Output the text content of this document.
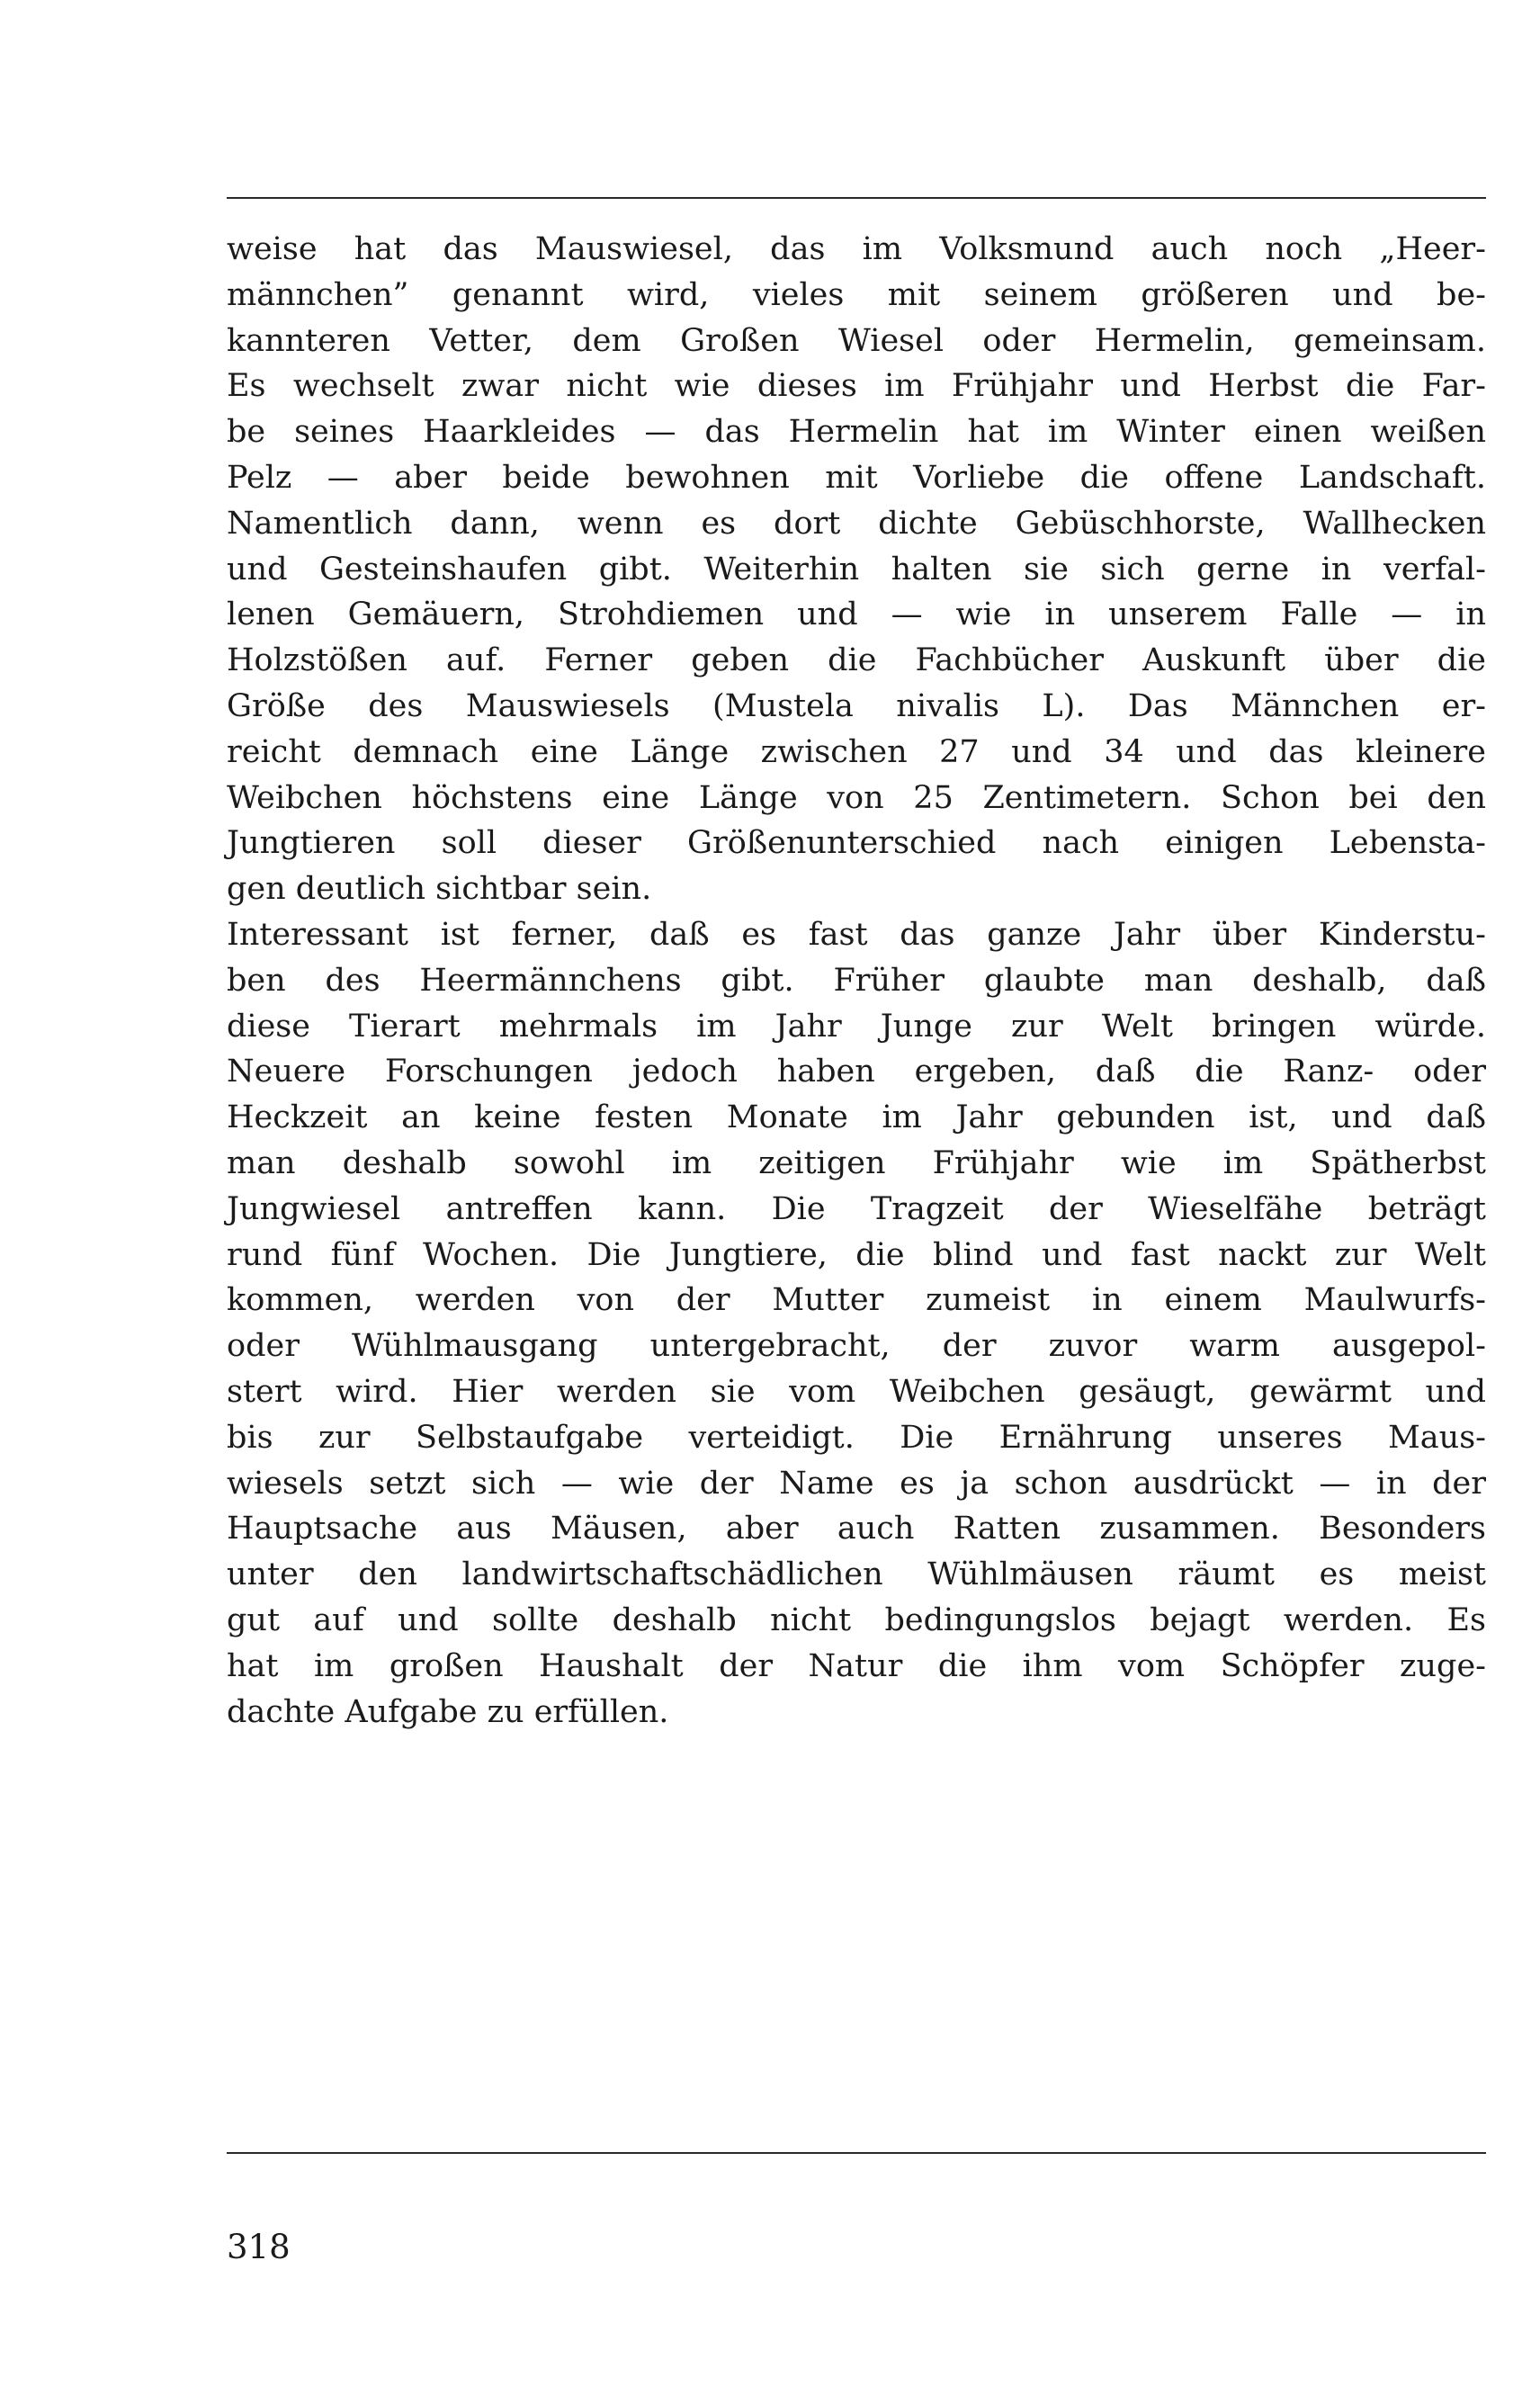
weise hat das Mauswiesel, das im Volksmund auch noch „Heer-
männchen” genannt wird, vieles mit seinem größeren und be-
kannteren Vetter, dem Großen Wiesel oder Hermelin, gemeinsam.
Es wechselt zwar nicht wie dieses im Frühjahr und Herbst die Far-
be seines Haarkleides — das Hermelin hat im Winter einen weißen
Pelz — aber beide bewohnen mit Vorliebe die offene Landschaft.
Namentlich dann, wenn es dort dichte Gebüschhorste, Wallhecken
und Gesteinshaufen gibt. Weiterhin halten sie sich gerne in verfal-
lenen Gemäuern, Strohdiemen und — wie in unserem Falle — in
Holzstößen auf. Ferner geben die Fachbücher Auskunft über die
Größe des Mauswiesels (Mustela nivalis L). Das Männchen er-
reicht demnach eine Länge zwischen 27 und 34 und das kleinere
Weibchen höchstens eine Länge von 25 Zentimetern. Schon bei den
Jungtieren soll dieser Größenunterschied nach einigen Lebensta-
gen deutlich sichtbar sein.
Interessant ist ferner, daß es fast das ganze Jahr über Kinderstu-
ben des Heermännchens gibt. Früher glaubte man deshalb, daß
diese Tierart mehrmals im Jahr Junge zur Welt bringen würde.
Neuere Forschungen jedoch haben ergeben, daß die Ranz- oder
Heckzeit an keine festen Monate im Jahr gebunden ist, und daß
man deshalb sowohl im zeitigen Frühjahr wie im Spätherbst
Jungwiesel antreffen kann. Die Tragzeit der Wieselfähe beträgt
rund fünf Wochen. Die Jungtiere, die blind und fast nackt zur Welt
kommen, werden von der Mutter zumeist in einem Maulwurfs-
oder Wühlmausgang untergebracht, der zuvor warm ausgepol-
stert wird. Hier werden sie vom Weibchen gesäugt, gewärmt und
bis zur Selbstaufgabe verteidigt. Die Ernährung unseres Maus-
wiesels setzt sich — wie der Name es ja schon ausdrückt — in der
Hauptsache aus Mäusen, aber auch Ratten zusammen. Besonders
unter den landwirtschaftschädlichen Wühlmäusen räumt es meist
gut auf und sollte deshalb nicht bedingungslos bejagt werden. Es
hat im großen Haushalt der Natur die ihm vom Schöpfer zuge-
dachte Aufgabe zu erfüllen.
318
